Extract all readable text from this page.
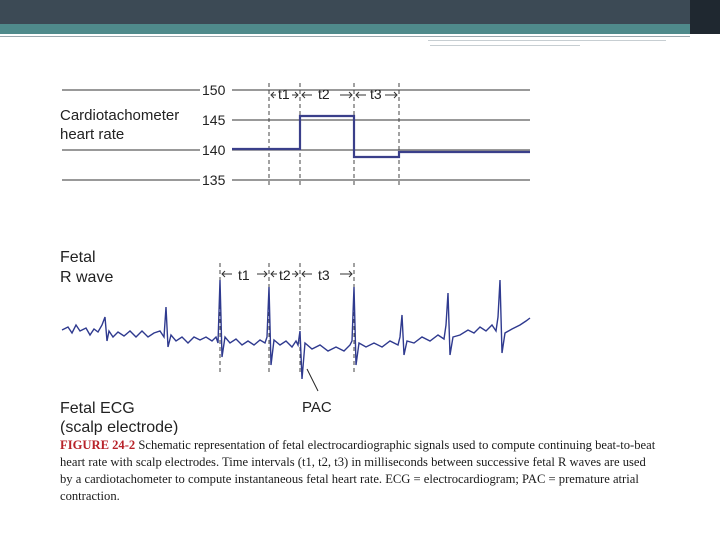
150
145
140
135
Cardiotachometer
heart rate
t1 t2	t3
Fetal
R wave	t1 t2 t3
PAC
Fetal ECG
(scalp electrode)
FIGURE 24-2 Schematic representation of fetal electrocardiographic signals used to compute continuing beat-to-beat heart rate with scalp electrodes. Time intervals (t1, t2, t3) in milliseconds between successive fetal R waves are used by a cardiotachometer to compute instantaneous fetal heart rate. ECG = electrocardiogram; PAC = premature atrial contraction.
